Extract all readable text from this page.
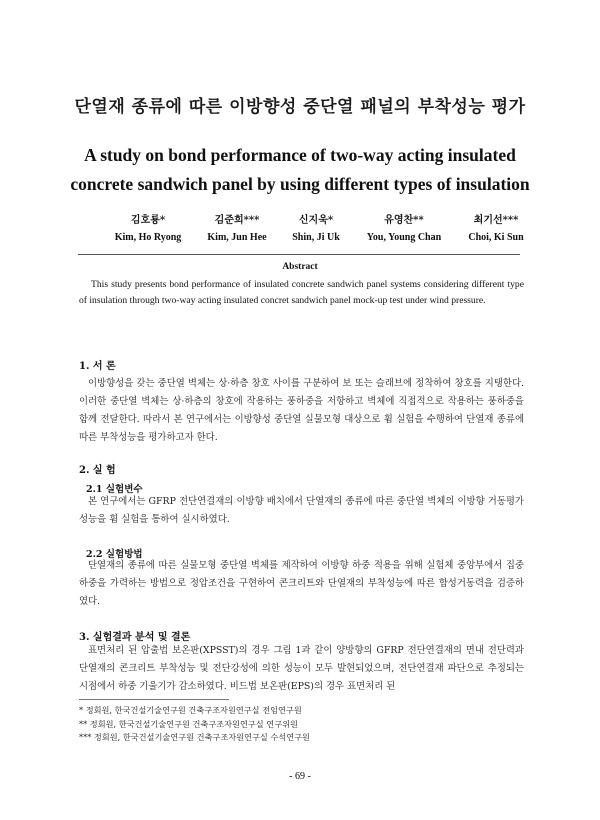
단열재 종류에 따른 이방향성 중단열 패널의 부착성능 평가
A study on bond performance of two-way acting insulated
concrete sandwich panel by using different types of insulation
김호룡*
Kim, Ho Ryong
김준희***
Kim, Jun Hee
신지욱*
Shin, Ji Uk
유영찬**
You, Young Chan
최기선***
Choi, Ki Sun
Abstract
This study presents bond performance of insulated concrete sandwich panel systems considering different type of insulation through two-way acting insulated concret sandwich panel mock-up test under wind pressure.
1. 서 론
이방향성을 갖는 중단열 벽체는 상·하층 창호 사이를 구분하여 보 또는 슬래브에 정착하여 창호를 지탱한다. 이러한 중단열 벽체는 상·하층의 창호에 작용하는 풍하중을 저항하고 벽체에 직접적으로 작용하는 풍하중을 함께 전달한다. 따라서 본 연구에서는 이방향성 중단열 실물모형 대상으로 휨 실험을 수행하여 단열재 종류에 따른 부착성능을 평가하고자 한다.
2. 실 험
2.1 실험변수
본 연구에서는 GFRP 전단연결재의 이방향 배치에서 단열재의 종류에 따른 중단열 벽체의 이방향 거동평가 성능을 휨 실험을 통하여 실시하였다.
2.2 실험방법
단열재의 종류에 따른 실물모형 중단열 벽체를 제작하여 이방향 하중 적용을 위해 실험체 중앙부에서 집중 하중을 가력하는 방법으로 정압조건을 구현하여 콘크리트와 단열재의 부착성능에 따른 합성거동력을 검증하였다.
3. 실험결과 분석 및 결론
표면처리 된 압출법 보온판(XPSST)의 경우 그림 1과 같이 양방향의 GFRP 전단연결재의 면내 전단력과 단열재의 콘크리트 부착성능 및 전단강성에 의한 성능이 모두 발현되었으며, 전단연결재 파단으로 추정되는 시점에서 하중 기울기가 감소하였다. 비드법 보온판(EPS)의 경우 표면처리 된
* 정회원, 한국건설기술연구원 건축구조자원연구실 전임연구원
** 정회원, 한국건설기술연구원 건축구조자원연구실 연구위원
*** 정회원, 한국건설기술연구원 건축구조자원연구실 수석연구원
- 69 -
